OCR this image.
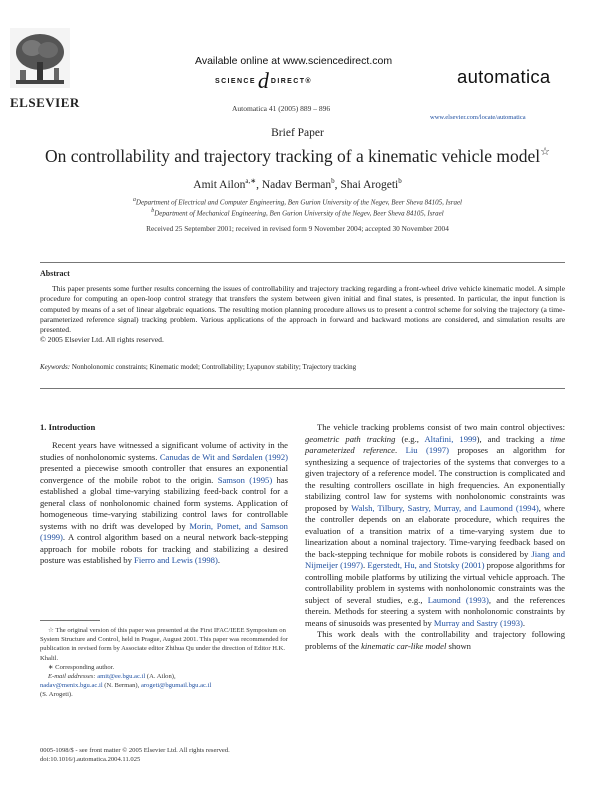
ELSEVIER
Available online at www.sciencedirect.com
SCIENCEd DIRECT®
Automatica 41 (2005) 889 – 896
automatica
www.elsevier.com/locate/automatica
Brief Paper
On controllability and trajectory tracking of a kinematic vehicle model☆
Amit Ailon$^{a,∗}$, Nadav Berman$^b$, Shai Arogeti$^b$
$^a$Department of Electrical and Computer Engineering, Ben Gurion University of the Negev, Beer Sheva 84105, Israel
$^b$Department of Mechanical Engineering, Ben Gurion University of the Negev, Beer Sheva 84105, Israel
Received 25 September 2001; received in revised form 9 November 2004; accepted 30 November 2004
Abstract
This paper presents some further results concerning the issues of controllability and trajectory tracking regarding a front-wheel drive vehicle kinematic model. A simple procedure for computing an open-loop control strategy that transfers the system between given initial and final states, is presented. In particular, the input function is computed by means of a set of linear algebraic equations. The resulting motion planning procedure allows us to present a control scheme for solving the trajectory (a time-parameterized reference signal) tracking problem. Various applications of the approach in forward and backward motions are considered, and simulation results are presented.
© 2005 Elsevier Ltd. All rights reserved.
Keywords: Nonholonomic constraints; Kinematic model; Controllability; Lyapunov stability; Trajectory tracking
1. Introduction

Recent years have witnessed a significant volume of activity in the studies of nonholonomic systems. Canudas de Wit and Sørdalen (1992) presented a piecewise smooth controller that ensures an exponential convergence of the mobile robot to the origin. Samson (1995) has established a global time-varying stabilizing feed-back control for a general class of nonholonomic chained form systems. Application of homogeneous time-varying stabilizing control laws for controllable systems with no drift was developed by Morin, Pomet, and Samson (1999). A control algorithm based on a neural network back-stepping approach for mobile robots for tracking and stabilizing a desired posture was established by Fierro and Lewis (1998).

The vehicle tracking problems consist of two main control objectives: geometric path tracking (e.g., Altafini, 1999), and tracking a time parameterized reference. Liu (1997) proposes an algorithm for synthesizing a sequence of trajectories of the systems that converges to a given trajectory of a reference model. The construction is complicated and the resulting controllers oscillate in high frequencies. An exponentially stabilizing control law for systems with nonholonomic constraints was proposed by Walsh, Tilbury, Sastry, Murray, and Laumond (1994), where the controller depends on an elaborate procedure, which requires the evaluation of a transition matrix of a time-varying system due to linearization about a nominal trajectory. Time-varying feedback based on the back-stepping technique for mobile robots is considered by Jiang and Nijmeijer (1997). Egerstedt, Hu, and Stotsky (2001) propose algorithms for controlling mobile platforms by utilizing the virtual vehicle approach. The controllability problem in systems with nonholonomic constraints was the subject of several studies, e.g., Laumond (1993), and the references therein. Methods for steering a system with nonholonomic constraints by means of sinusoids was presented by Murray and Sastry (1993).

This work deals with the controllability and trajectory following problems of the kinematic car-like model shown

☆ The original version of this paper was presented at the First IFAC/IEEE Symposium on System Structure and Control, held in Prague, August 2001. This paper was recommended for publication in revised form by Associate editor Zhihua Qu under the direction of Editor H.K. Khalil.

∗ Corresponding author.

E-mail addresses: amit@ee.bgu.ac.il (A. Ailon),
nadav@menix.bgu.ac.il (N. Berman), arogeti@bgumail.bgu.ac.il
(S. Arogeti).

0005-1098/$ - see front matter © 2005 Elsevier Ltd. All rights reserved.
doi:10.1016/j.automatica.2004.11.025
